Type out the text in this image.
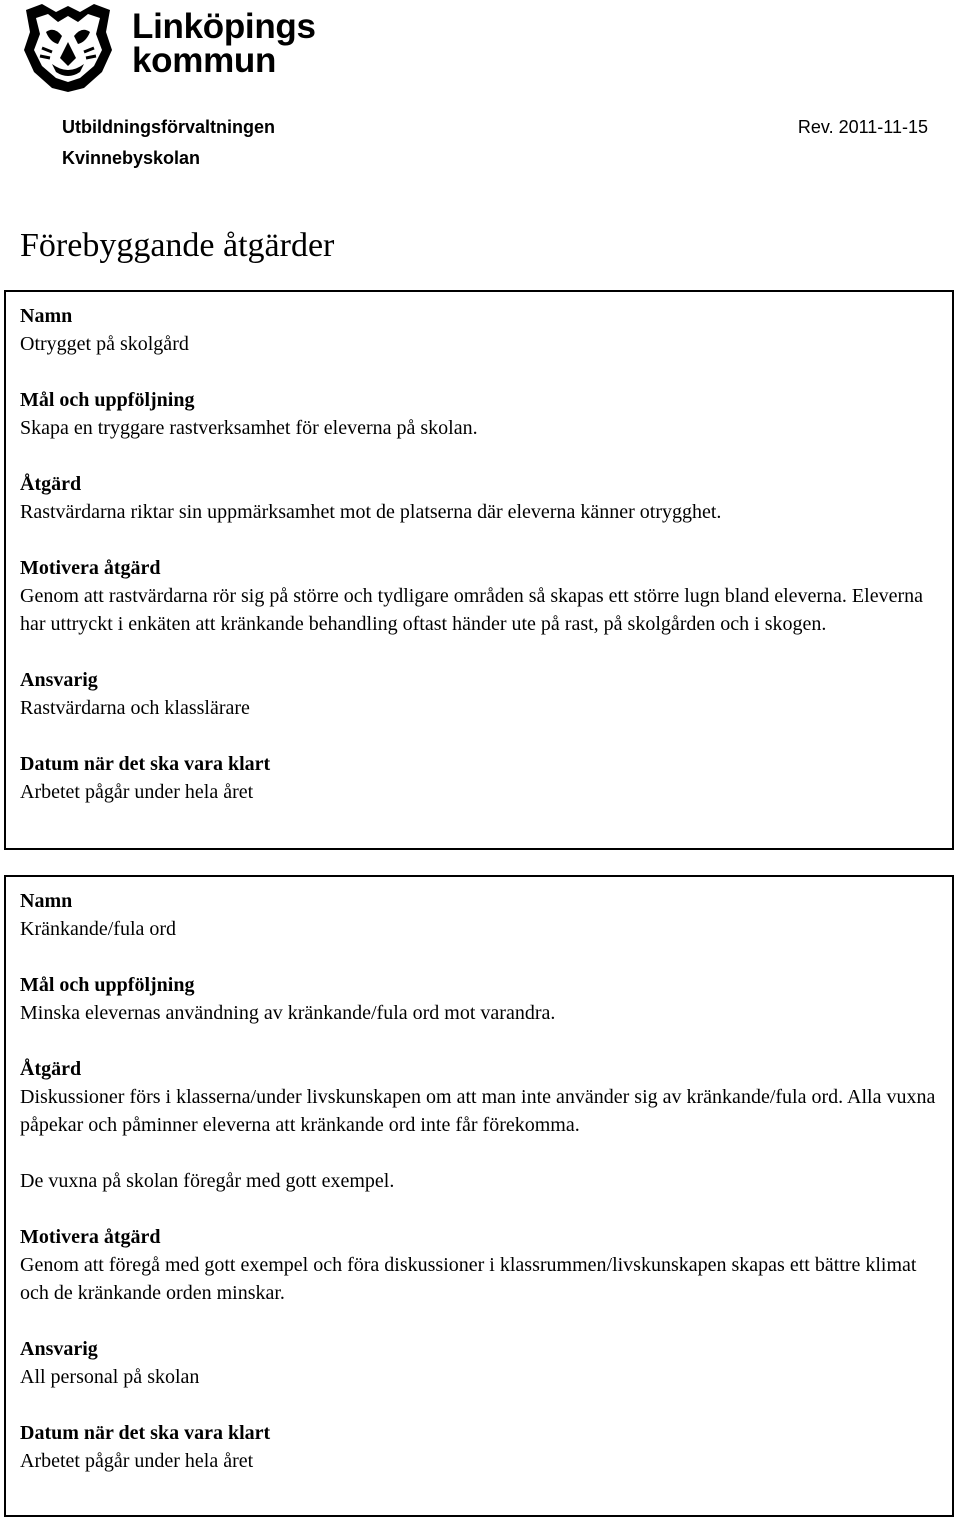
Linköpings
kommun
Utbildningsförvaltningen
Kvinnebyskolan
Rev. 2011-11-15
Förebyggande åtgärder
Namn
Otrygget på skolgård
Mål och uppföljning
Skapa en tryggare rastverksamhet för eleverna på skolan.
Åtgärd
Rastvärdarna riktar sin uppmärksamhet mot de platserna där eleverna känner otrygghet.
Motivera åtgärd
Genom att rastvärdarna rör sig på större och tydligare områden så skapas ett större lugn bland eleverna. Eleverna har uttryckt i enkäten att kränkande behandling oftast händer ute på rast, på skolgården och i skogen.
Ansvarig
Rastvärdarna och klasslärare
Datum när det ska vara klart
Arbetet pågår under hela året
Namn
Kränkande/fula ord
Mål och uppföljning
Minska elevernas användning av kränkande/fula ord mot varandra.
Åtgärd
Diskussioner förs i klasserna/under livskunskapen om att man inte använder sig av kränkande/fula ord. Alla vuxna påpekar och påminner eleverna att kränkande ord inte får förekomma.
De vuxna på skolan föregår med gott exempel.
Motivera åtgärd
Genom att föregå med gott exempel och föra diskussioner i klassrummen/livskunskapen skapas ett bättre klimat och de kränkande orden minskar.
Ansvarig
All personal på skolan
Datum när det ska vara klart
Arbetet pågår under hela året
